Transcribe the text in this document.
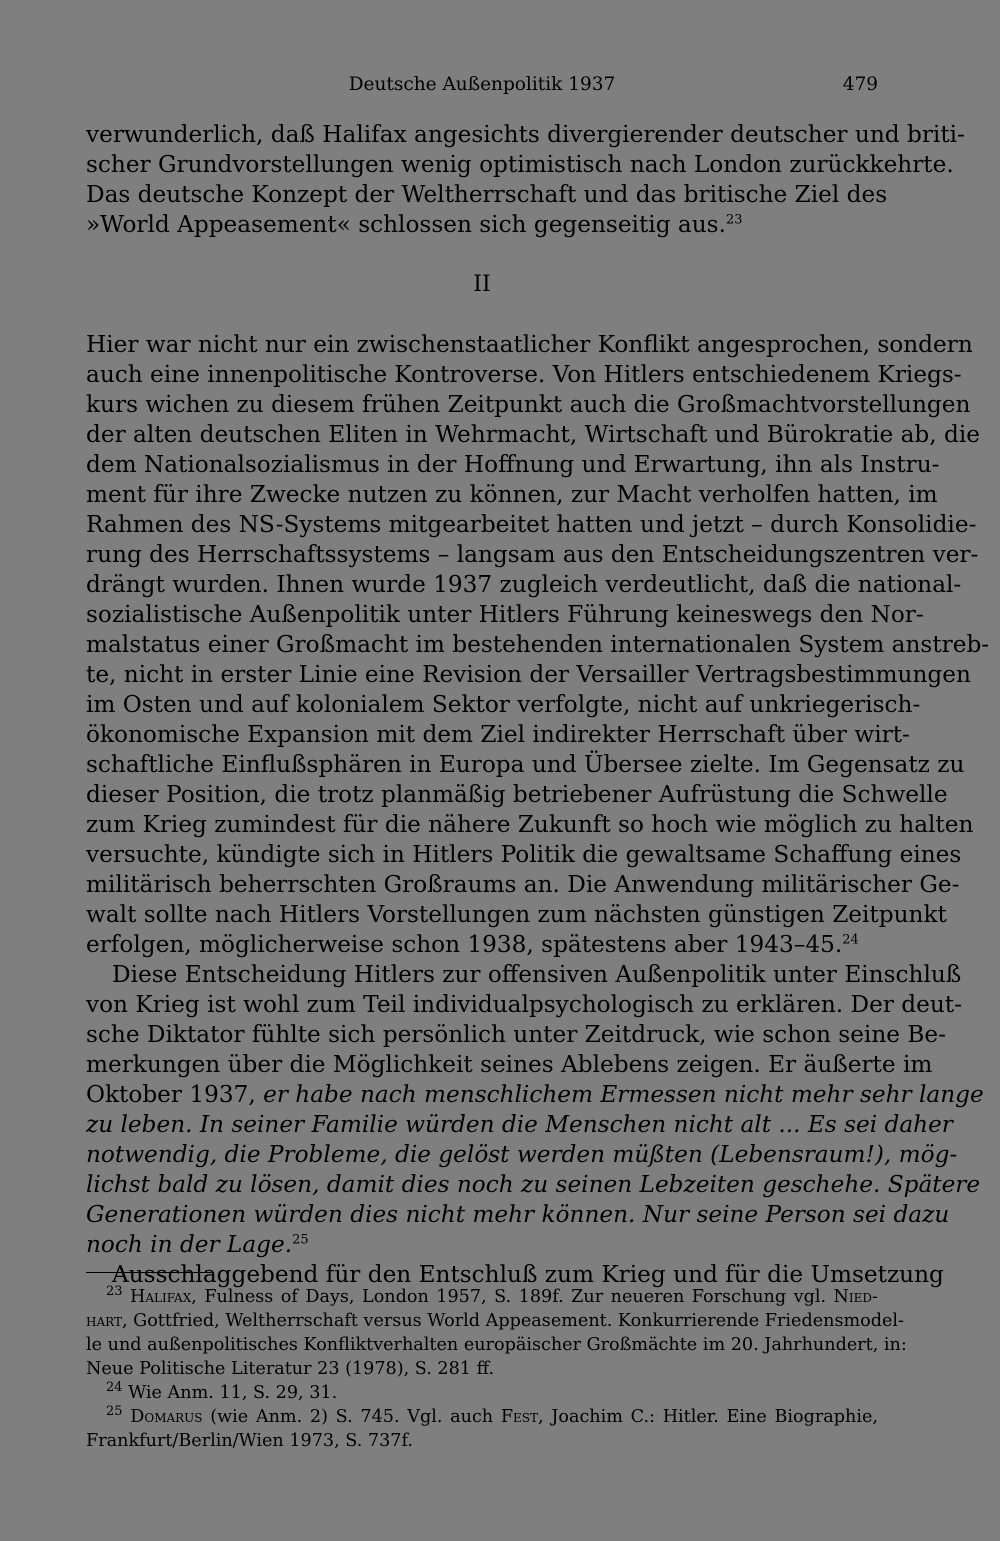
Deutsche Außenpolitik 1937	479
verwunderlich, daß Halifax angesichts divergierender deutscher und briti-
scher Grundvorstellungen wenig optimistisch nach London zurückkehrte.
Das deutsche Konzept der Weltherrschaft und das britische Ziel des
»World Appeasement« schlossen sich gegenseitig aus.$^{23}$
II
Hier war nicht nur ein zwischenstaatlicher Konflikt angesprochen, sondern
auch eine innenpolitische Kontroverse. Von Hitlers entschiedenem Kriegs-
kurs wichen zu diesem frühen Zeitpunkt auch die Großmachtvorstellungen
der alten deutschen Eliten in Wehrmacht, Wirtschaft und Bürokratie ab, die
dem Nationalsozialismus in der Hoffnung und Erwartung, ihn als Instru-
ment für ihre Zwecke nutzen zu können, zur Macht verholfen hatten, im
Rahmen des NS-Systems mitgearbeitet hatten und jetzt – durch Konsolidie-
rung des Herrschaftssystems – langsam aus den Entscheidungszentren ver-
drängt wurden. Ihnen wurde 1937 zugleich verdeutlicht, daß die national-
sozialistische Außenpolitik unter Hitlers Führung keineswegs den Nor-
malstatus einer Großmacht im bestehenden internationalen System anstreb-
te, nicht in erster Linie eine Revision der Versailler Vertragsbestimmungen
im Osten und auf kolonialem Sektor verfolgte, nicht auf unkriegerisch-
ökonomische Expansion mit dem Ziel indirekter Herrschaft über wirt-
schaftliche Einflußsphären in Europa und Übersee zielte. Im Gegensatz zu
dieser Position, die trotz planmäßig betriebener Aufrüstung die Schwelle
zum Krieg zumindest für die nähere Zukunft so hoch wie möglich zu halten
versuchte, kündigte sich in Hitlers Politik die gewaltsame Schaffung eines
militärisch beherrschten Großraums an. Die Anwendung militärischer Ge-
walt sollte nach Hitlers Vorstellungen zum nächsten günstigen Zeitpunkt
erfolgen, möglicherweise schon 1938, spätestens aber 1943–45.24
Diese Entscheidung Hitlers zur offensiven Außenpolitik unter Einschluß
von Krieg ist wohl zum Teil individualpsychologisch zu erklären. Der deut-
sche Diktator fühlte sich persönlich unter Zeitdruck, wie schon seine Be-
merkungen über die Möglichkeit seines Ablebens zeigen. Er äußerte im
Oktober 1937, er habe nach menschlichem Ermessen nicht mehr sehr lange
zu leben. In seiner Familie würden die Menschen nicht alt ... Es sei daher
notwendig, die Probleme, die gelöst werden müßten (Lebensraum!), mög-
lichst bald zu lösen, damit dies noch zu seinen Lebzeiten geschehe. Spätere
Generationen würden dies nicht mehr können. Nur seine Person sei dazu
noch in der Lage.$^{25}$
Ausschlaggebend für den Entschluß zum Krieg und für die Umsetzung
$^{23}$ Halifax, Fulness of Days, London 1957, S. 189f. Zur neueren Forschung vgl. Nied-
hart, Gottfried, Weltherrschaft versus World Appeasement. Konkurrierende Friedensmodel-
le und außenpolitisches Konfliktverhalten europäischer Großmächte im 20. Jahrhundert, in:
Neue Politische Literatur 23 (1978), S. 281 ff.
$^{24}$ Wie Anm. 11, S. 29, 31.
$^{25}$ Domarus (wie Anm. 2) S. 745. Vgl. auch Fest, Joachim C.: Hitler. Eine Biographie,
Frankfurt/Berlin/Wien 1973, S. 737f.
